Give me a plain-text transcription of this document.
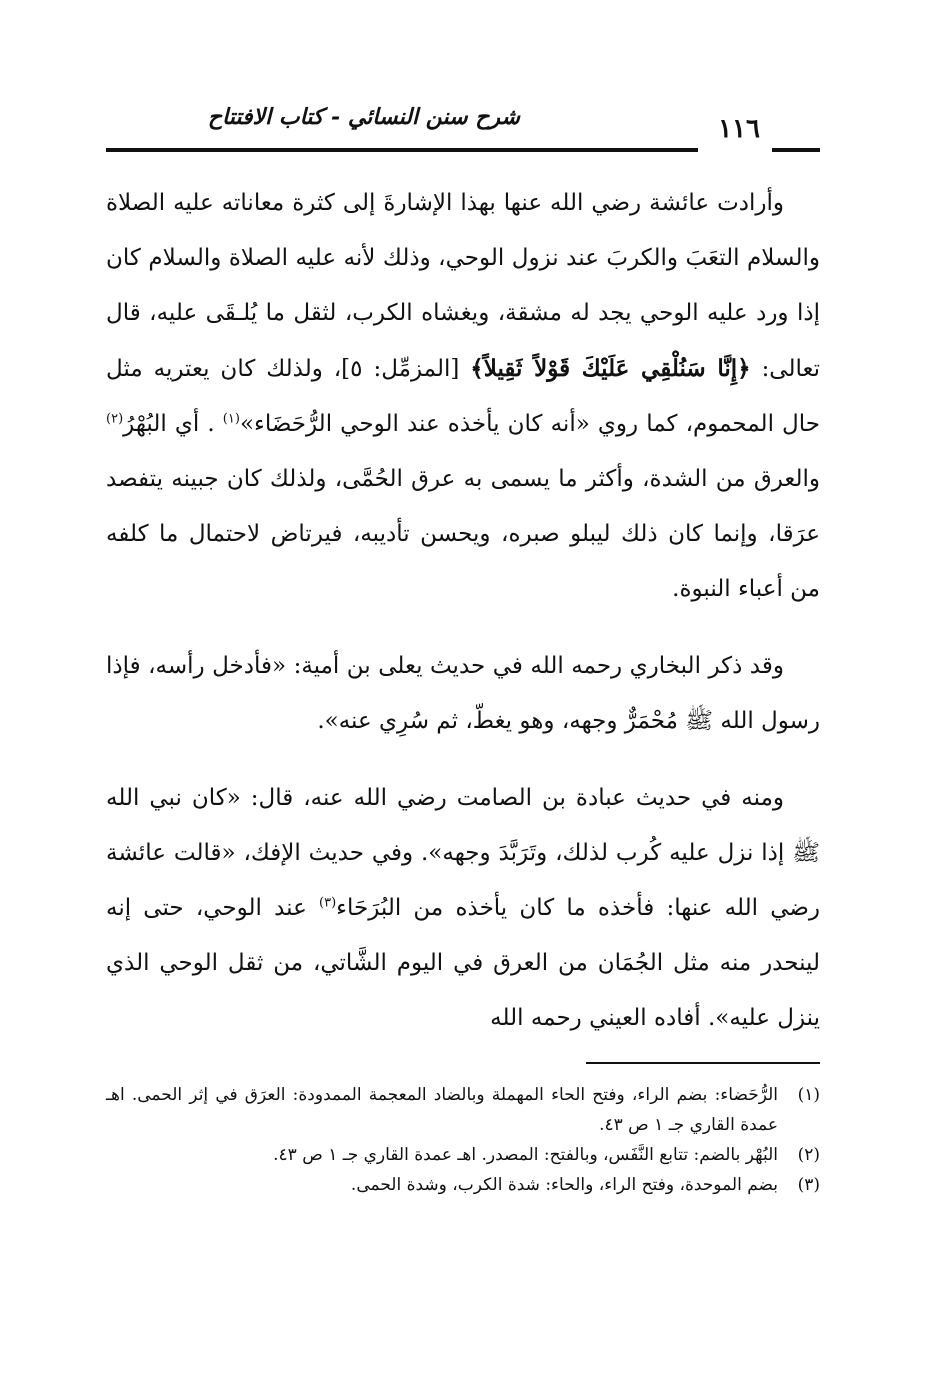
شرح سنن النسائي - كتاب الافتتاح	١١٦

وأرادت عائشة رضي الله عنها بهذا الإشارةَ إلى كثرة معاناته عليه الصلاة والسلام التعَبَ والكربَ عند نزول الوحي، وذلك لأنه عليه الصلاة والسلام كان إذا ورد عليه الوحي يجد له مشقة، ويغشاه الكرب، لثقل ما يُلـقَى عليه، قال تعالى: ﴿إِنَّا سَنُلْقِي عَلَيْكَ قَوْلاً ثَقِيلاً﴾ [المزمِّل: ٥]، ولذلك كان يعتريه مثل حال المحموم، كما روي «أنه كان يأخذه عند الوحي الرُّحَضَاء»$^{(١)}$ . أي البُهْرُ$^{(٢)}$ والعرق من الشدة، وأكثر ما يسمى به عرق الحُمَّى، ولذلك كان جبينه يتفصد عرَقا، وإنما كان ذلك ليبلو صبره، ويحسن تأديبه، فيرتاض لاحتمال ما كلفه من أعباء النبوة.

وقد ذكر البخاري رحمه الله في حديث يعلى بن أمية: «فأدخل رأسه، فإذا رسول الله ﷺ مُحْمَرٌّ وجهه، وهو يغطّ، ثم سُرِي عنه».

ومنه في حديث عبادة بن الصامت رضي الله عنه، قال: «كان نبي الله ﷺ إذا نزل عليه كُرب لذلك، وتَرَبَّدَ وجهه». وفي حديث الإفك، «قالت عائشة رضي الله عنها: فأخذه ما كان يأخذه من البُرَحَاء$^{(٣)}$ عند الوحي، حتى إنه لينحدر منه مثل الجُمَان من العرق في اليوم الشَّاتي، من ثقل الوحي الذي ينزل عليه». أفاده العيني رحمه الله

(١)
الرُّحَضاء: بضم الراء، وفتح الحاء المهملة وبالضاد المعجمة الممدودة: العرَق في إثر الحمى. اهـ عمدة القاري جـ ١ ص ٤٣.
(٢)
البُهْر بالضم: تتابع النَّفَس، وبالفتح: المصدر. اهـ عمدة القاري جـ ١ ص ٤٣.
(٣)
بضم الموحدة، وفتح الراء، والحاء: شدة الكرب، وشدة الحمى.
